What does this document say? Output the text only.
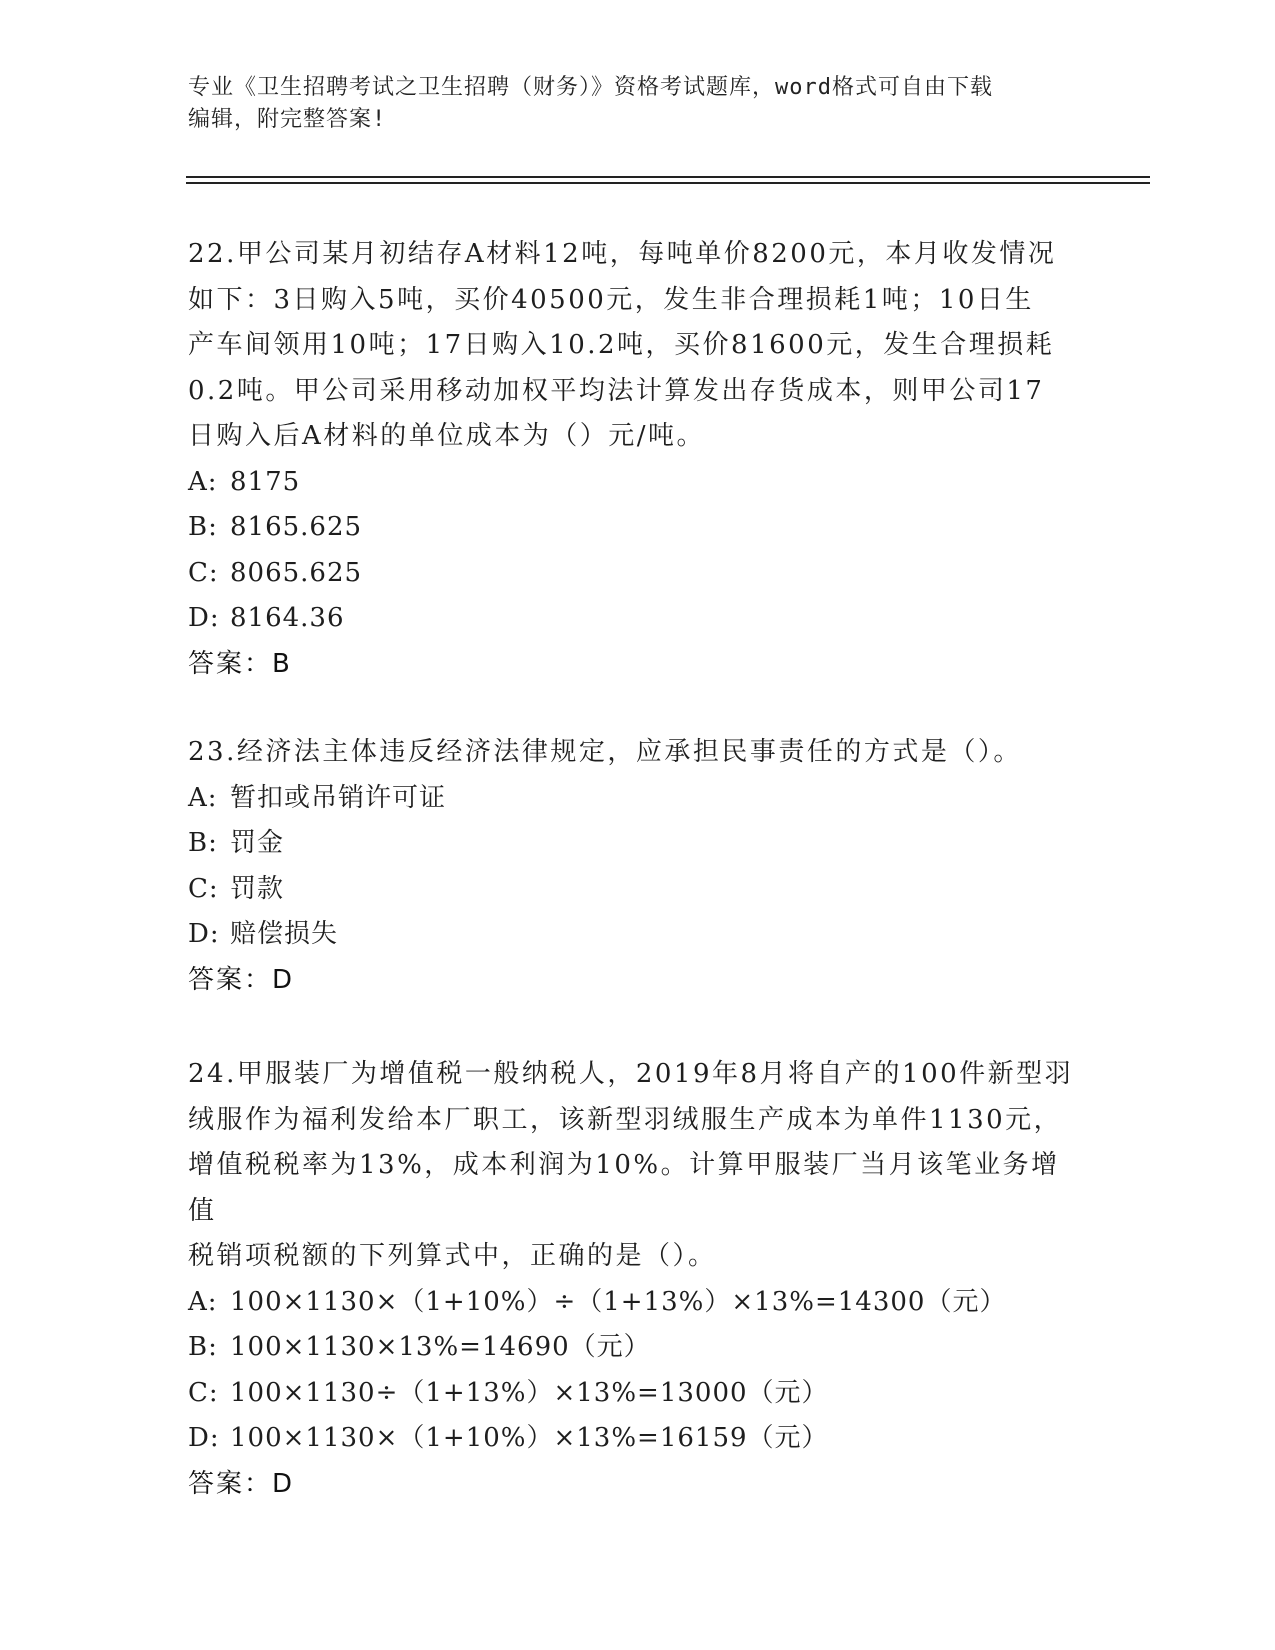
专业《卫生招聘考试之卫生招聘（财务）》资格考试题库，word格式可自由下载
编辑，附完整答案!
22.甲公司某月初结存A材料12吨，每吨单价8200元，本月收发情况
如下：3日购入5吨，买价40500元，发生非合理损耗1吨；10日生
产车间领用10吨；17日购入10.2吨，买价81600元，发生合理损耗
0.2吨。甲公司采用移动加权平均法计算发出存货成本，则甲公司17
日购入后A材料的单位成本为（）元/吨。
A: 8175
B: 8165.625
C: 8065.625
D: 8164.36
答案：B
23.经济法主体违反经济法律规定，应承担民事责任的方式是（）。
A: 暂扣或吊销许可证
B: 罚金
C: 罚款
D: 赔偿损失
答案：D
24.甲服装厂为增值税一般纳税人，2019年8月将自产的100件新型羽
绒服作为福利发给本厂职工，该新型羽绒服生产成本为单件1130元，
增值税税率为13%，成本利润为10%。计算甲服装厂当月该笔业务增值
税销项税额的下列算式中，正确的是（）。
A: 100×1130×（1+10%）÷（1+13%）×13%=14300（元）
B: 100×1130×13%=14690（元）
C: 100×1130÷（1+13%）×13%=13000（元）
D: 100×1130×（1+10%）×13%=16159（元）
答案：D
